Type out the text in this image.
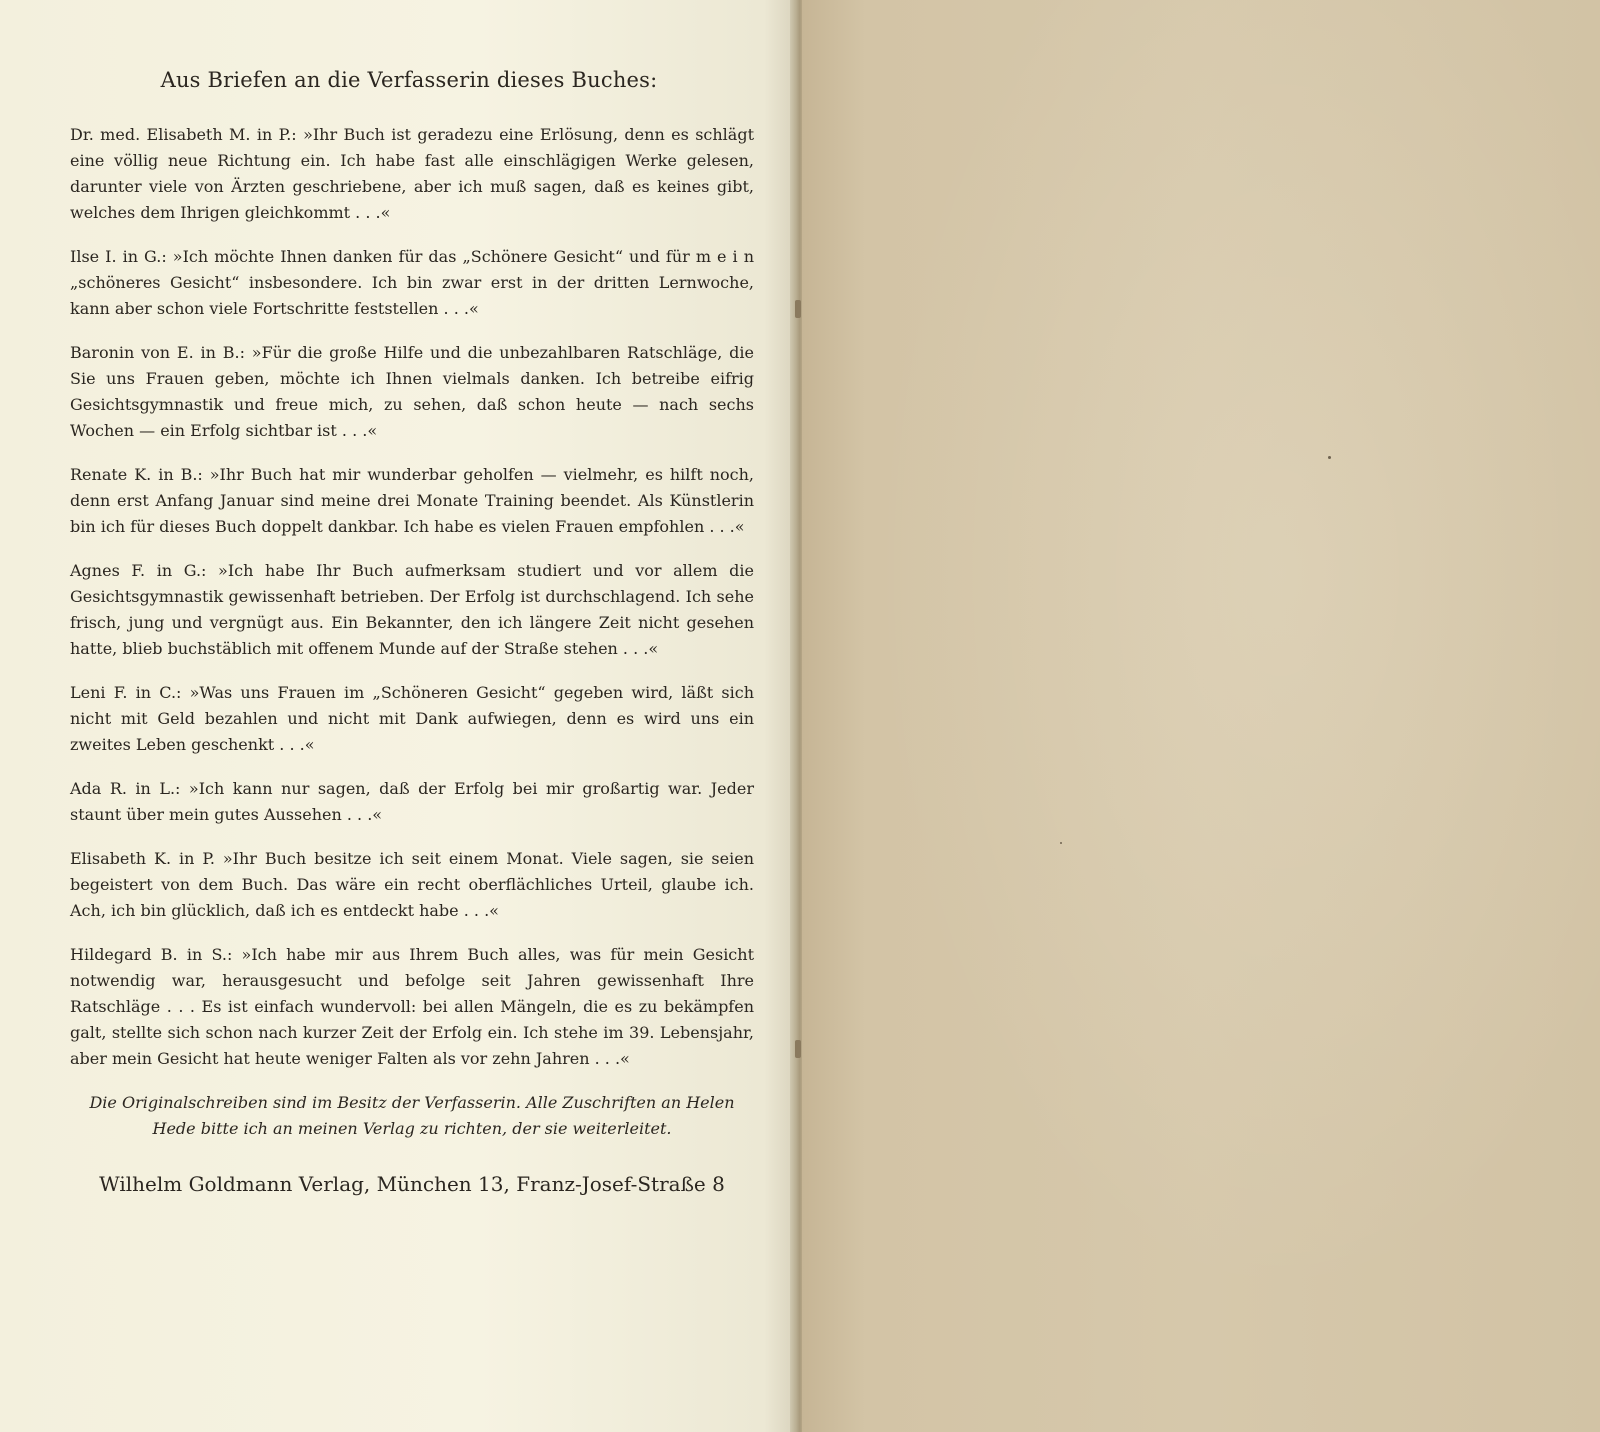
Aus Briefen an die Verfasserin dieses Buches:

Dr. med. Elisabeth M. in P.: »Ihr Buch ist geradezu eine Erlösung, denn es schlägt eine völlig neue Richtung ein. Ich habe fast alle einschlägigen Werke gelesen, darunter viele von Ärzten geschriebene, aber ich muß sagen, daß es keines gibt, welches dem Ihrigen gleichkommt . . .«

Ilse I. in G.: »Ich möchte Ihnen danken für das „Schönere Gesicht“ und für m e i n „schöneres Gesicht“ insbesondere. Ich bin zwar erst in der dritten Lernwoche, kann aber schon viele Fortschritte feststellen . . .«

Baronin von E. in B.: »Für die große Hilfe und die unbezahlbaren Ratschläge, die Sie uns Frauen geben, möchte ich Ihnen vielmals danken. Ich betreibe eifrig Gesichtsgymnastik und freue mich, zu sehen, daß schon heute — nach sechs Wochen — ein Erfolg sichtbar ist . . .«

Renate K. in B.: »Ihr Buch hat mir wunderbar geholfen — vielmehr, es hilft noch, denn erst Anfang Januar sind meine drei Monate Training beendet. Als Künstlerin bin ich für dieses Buch doppelt dankbar. Ich habe es vielen Frauen empfohlen . . .«

Agnes F. in G.: »Ich habe Ihr Buch aufmerksam studiert und vor allem die Gesichtsgymnastik gewissenhaft betrieben. Der Erfolg ist durchschlagend. Ich sehe frisch, jung und vergnügt aus. Ein Bekannter, den ich längere Zeit nicht gesehen hatte, blieb buchstäblich mit offenem Munde auf der Straße stehen . . .«

Leni F. in C.: »Was uns Frauen im „Schöneren Gesicht“ gegeben wird, läßt sich nicht mit Geld bezahlen und nicht mit Dank aufwiegen, denn es wird uns ein zweites Leben geschenkt . . .«

Ada R. in L.: »Ich kann nur sagen, daß der Erfolg bei mir großartig war. Jeder staunt über mein gutes Aussehen . . .«

Elisabeth K. in P. »Ihr Buch besitze ich seit einem Monat. Viele sagen, sie seien begeistert von dem Buch. Das wäre ein recht oberflächliches Urteil, glaube ich. Ach, ich bin glücklich, daß ich es entdeckt habe . . .«

Hildegard B. in S.: »Ich habe mir aus Ihrem Buch alles, was für mein Gesicht notwendig war, herausgesucht und befolge seit Jahren gewissenhaft Ihre Ratschläge . . . Es ist einfach wundervoll: bei allen Mängeln, die es zu bekämpfen galt, stellte sich schon nach kurzer Zeit der Erfolg ein. Ich stehe im 39. Lebensjahr, aber mein Gesicht hat heute weniger Falten als vor zehn Jahren . . .«

Die Originalschreiben sind im Besitz der Verfasserin. Alle Zuschriften an Helen Hede bitte ich an meinen Verlag zu richten, der sie weiterleitet.

Wilhelm Goldmann Verlag, München 13, Franz-Josef-Straße 8
